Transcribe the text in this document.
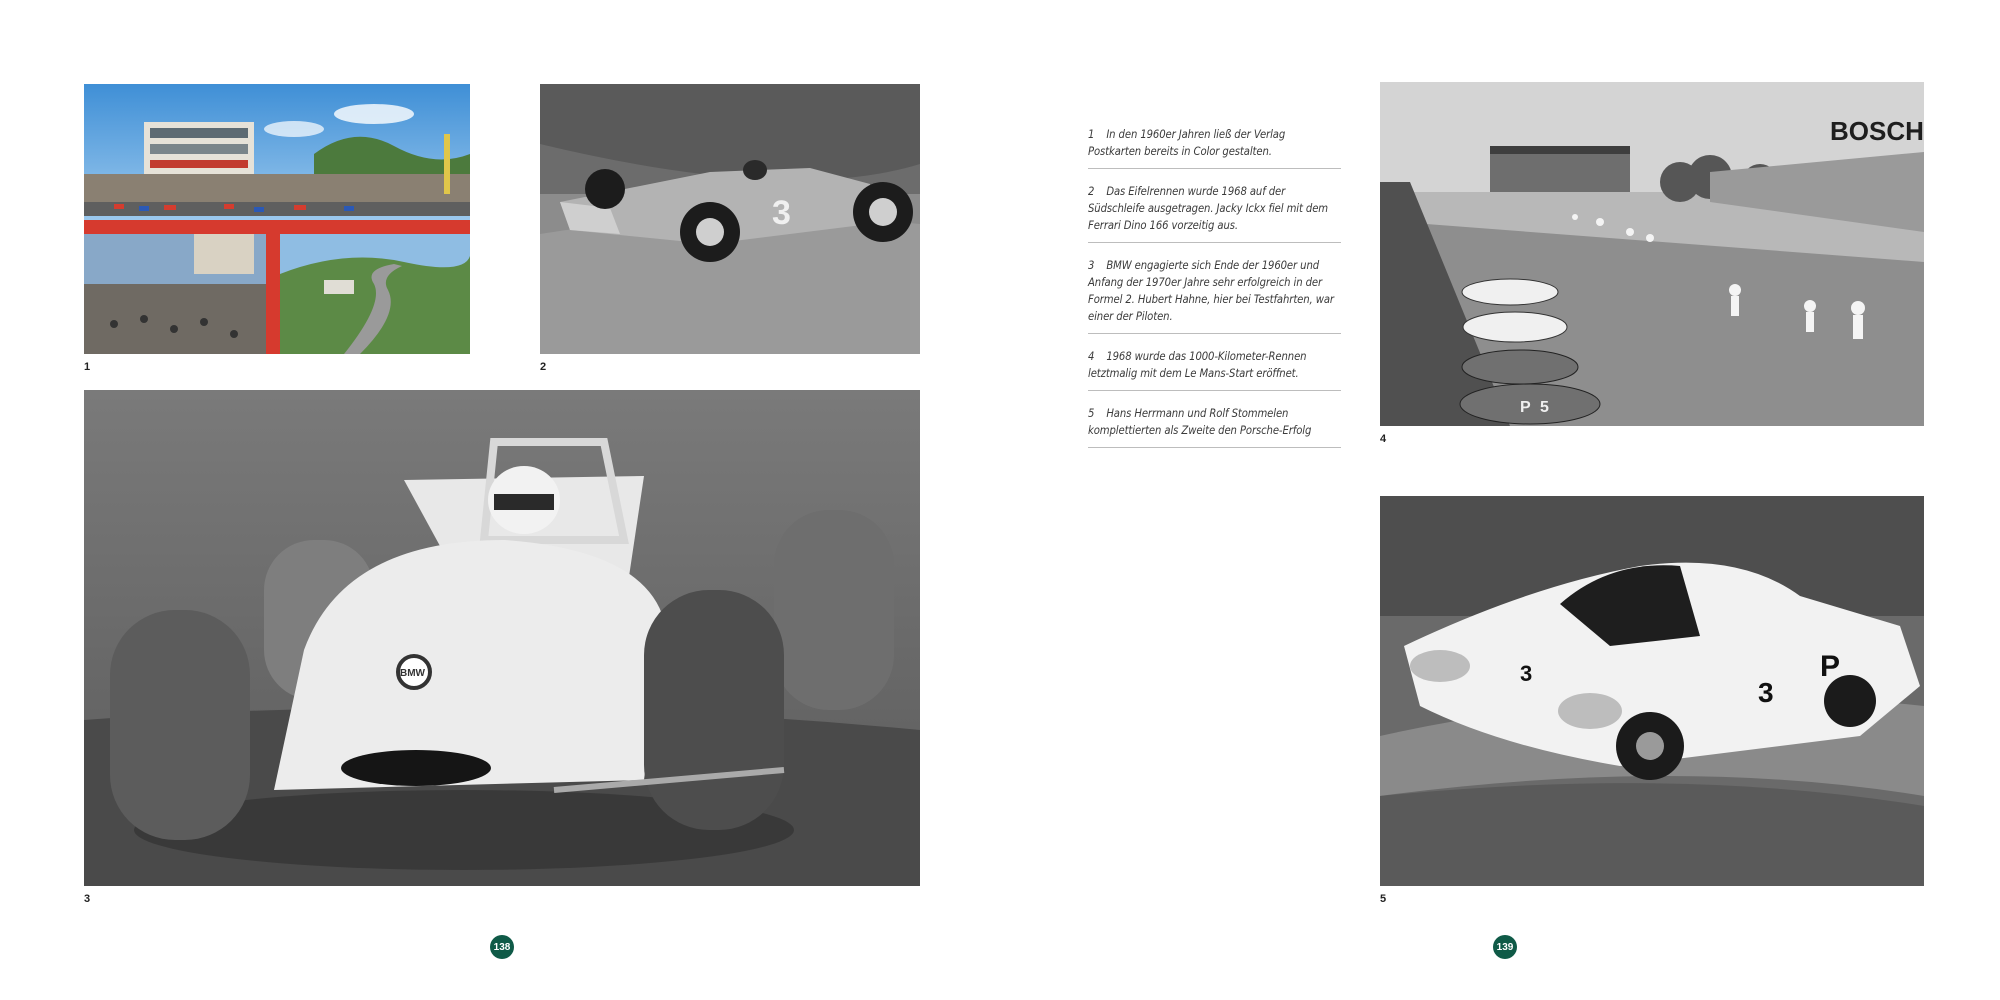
1
3
2
BMW
3
138
1 In den 1960er Jahren ließ der Verlag Postkarten bereits in Color gestalten.
2 Das Eifelrennen wurde 1968 auf der Südschleife ausgetragen. Jacky Ickx fiel mit dem Ferrari Dino 166 vorzeitig aus.
3 BMW engagierte sich Ende der 1960er und Anfang der 1970er Jahre sehr erfolgreich in der Formel 2. Hubert Hahne, hier bei Testfahrten, war einer der Piloten.
4 1968 wurde das 1000-Kilometer-Rennen letztmalig mit dem Le Mans-Start eröffnet.
5 Hans Herrmann und Rolf Stommelen komplettierten als Zweite den Porsche-Erfolg
BOSCH
P 5
4
3
3
P
5
139
